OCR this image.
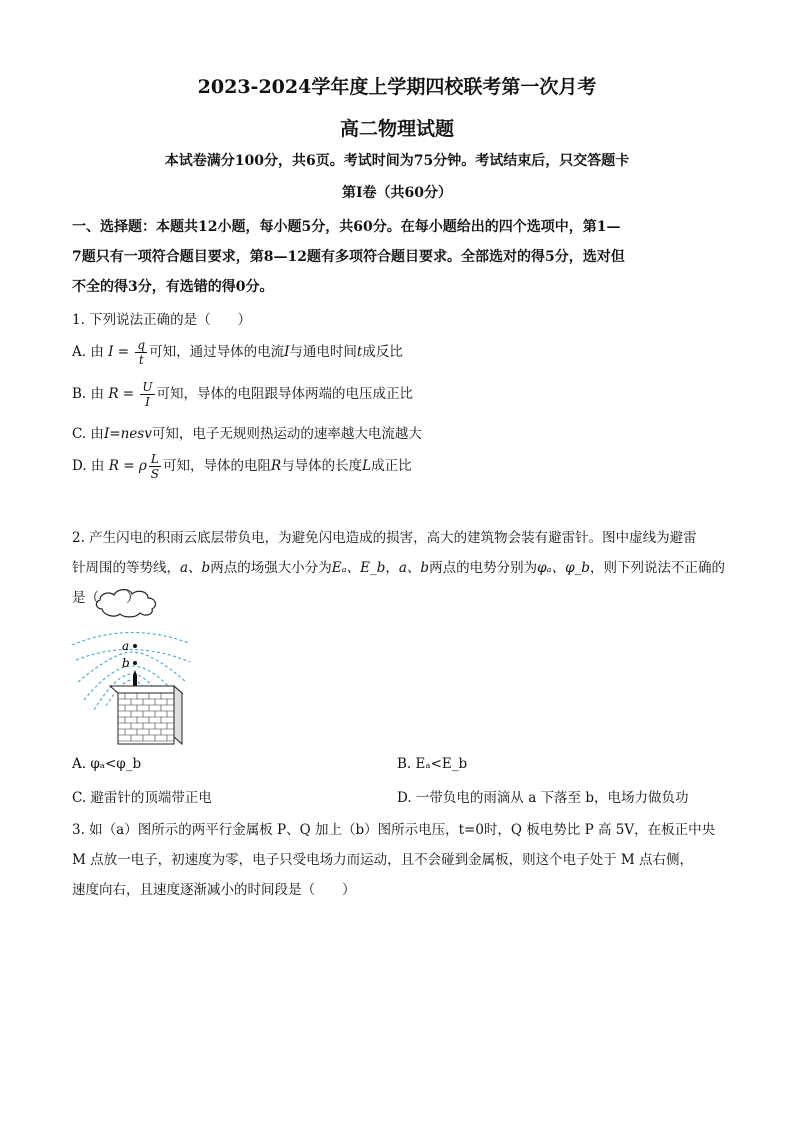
2023-2024学年度上学期四校联考第一次月考
高二物理试题
本试卷满分100分，共6页。考试时间为75分钟。考试结束后，只交答题卡
第Ⅰ卷（共60分）
一、选择题：本题共12小题，每小题5分，共60分。在每小题给出的四个选项中，第1—
7题只有一项符合题目要求，第8—12题有多项符合题目要求。全部选对的得5分，选对但
不全的得3分，有选错的得0分。
1. 下列说法正确的是（　　）
A. 由 $I = \frac{q}{t}$ 可知，通过导体的电流I与通电时间t成反比
B. 由 $R = \frac{U}{I}$ 可知，导体的电阻跟导体两端的电压成正比
C. 由I=nesv可知，电子无规则热运动的速率越大电流越大
D. 由 R = ρ $\frac{L}{S}$ 可知，导体的电阻R与导体的长度L成正比
2. 产生闪电的积雨云底层带负电，为避免闪电造成的损害，高大的建筑物会装有避雷针。图中虚线为避雷
针周围的等势线，a、b两点的场强大小分为Eₐ、E_b，a、b两点的电势分别为φₐ、φ_b，则下列说法不正确的
是（　　）
a
b
A. φₐ<φ_b	B. Eₐ<E_b
C. 避雷针的顶端带正电	D. 一带负电的雨滴从 a 下落至 b，电场力做负功
3. 如（a）图所示的两平行金属板 P、Q 加上（b）图所示电压，t=0时，Q 板电势比 P 高 5V，在板正中央
M 点放一电子，初速度为零，电子只受电场力而运动，且不会碰到金属板，则这个电子处于 M 点右侧，
速度向右，且速度逐渐减小的时间段是（　　）
